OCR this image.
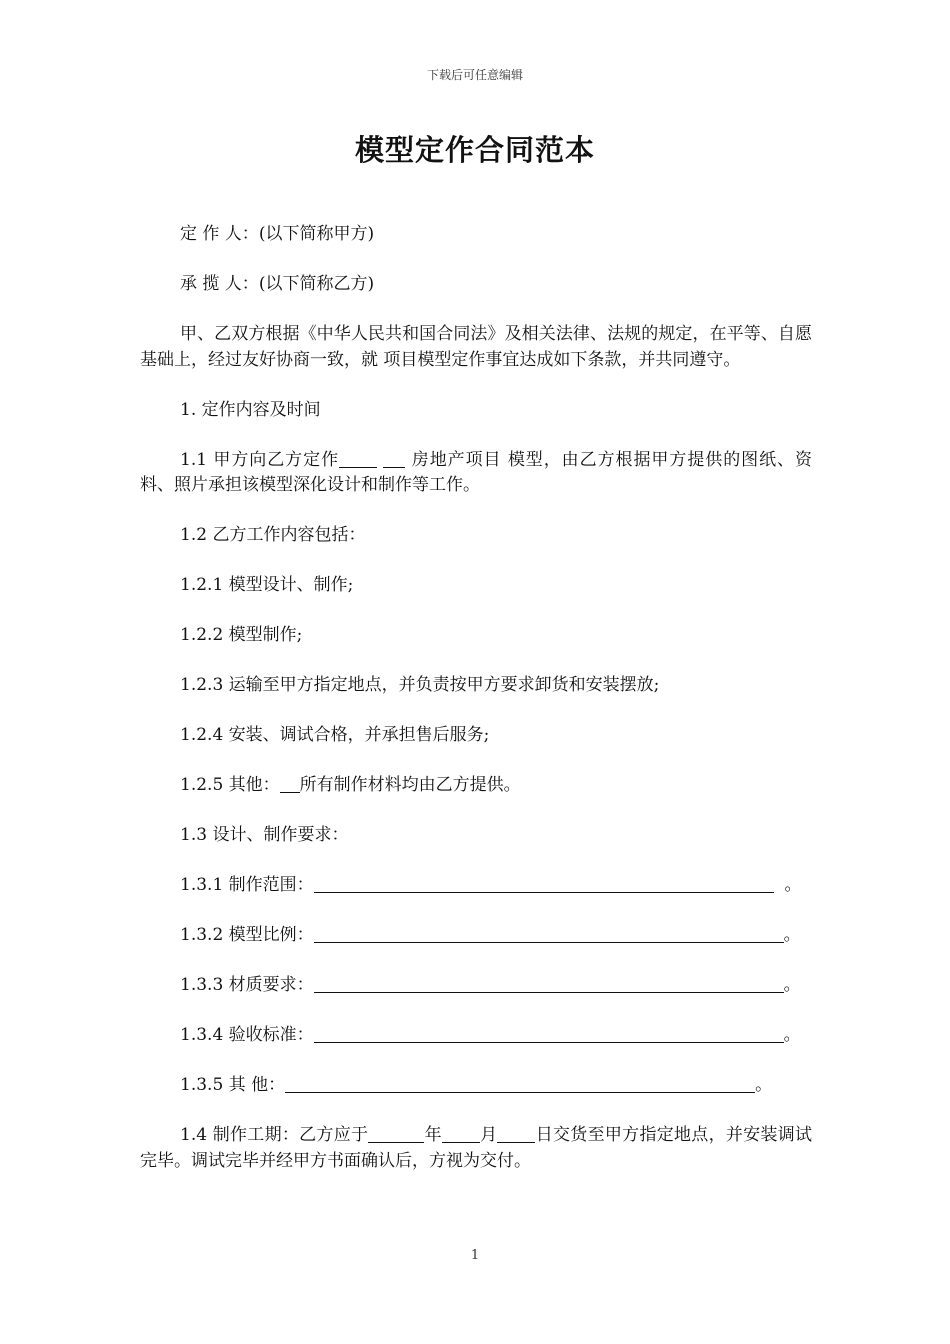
下载后可任意编辑
模型定作合同范本

定 作 人：(以下简称甲方)

承 揽 人：(以下简称乙方)

甲、乙双方根据《中华人民共和国合同法》及相关法律、法规的规定，在平等、自愿基础上，经过友好协商一致，就 项目模型定作事宜达成如下条款，并共同遵守。

1. 定作内容及时间

1.1 甲方向乙方定作	房地产项目 模型，由乙方根据甲方提供的图纸、资料、照片承担该模型深化设计和制作等工作。

1.2 乙方工作内容包括：

1.2.1 模型设计、制作;

1.2.2 模型制作;

1.2.3 运输至甲方指定地点，并负责按甲方要求卸货和安装摆放;

1.2.4 安装、调试合格，并承担售后服务;

1.2.5 其他： 所有制作材料均由乙方提供。

1.3 设计、制作要求：

1.3.1 制作范围：	。

1.3.2 模型比例：	。

1.3.3 材质要求：	。

1.3.4 验收标准：	。

1.3.5 其 他：	。

1.4 制作工期：乙方应于	年 月 日交货至甲方指定地点，并安装调试完毕。调试完毕并经甲方书面确认后，方视为交付。

1
